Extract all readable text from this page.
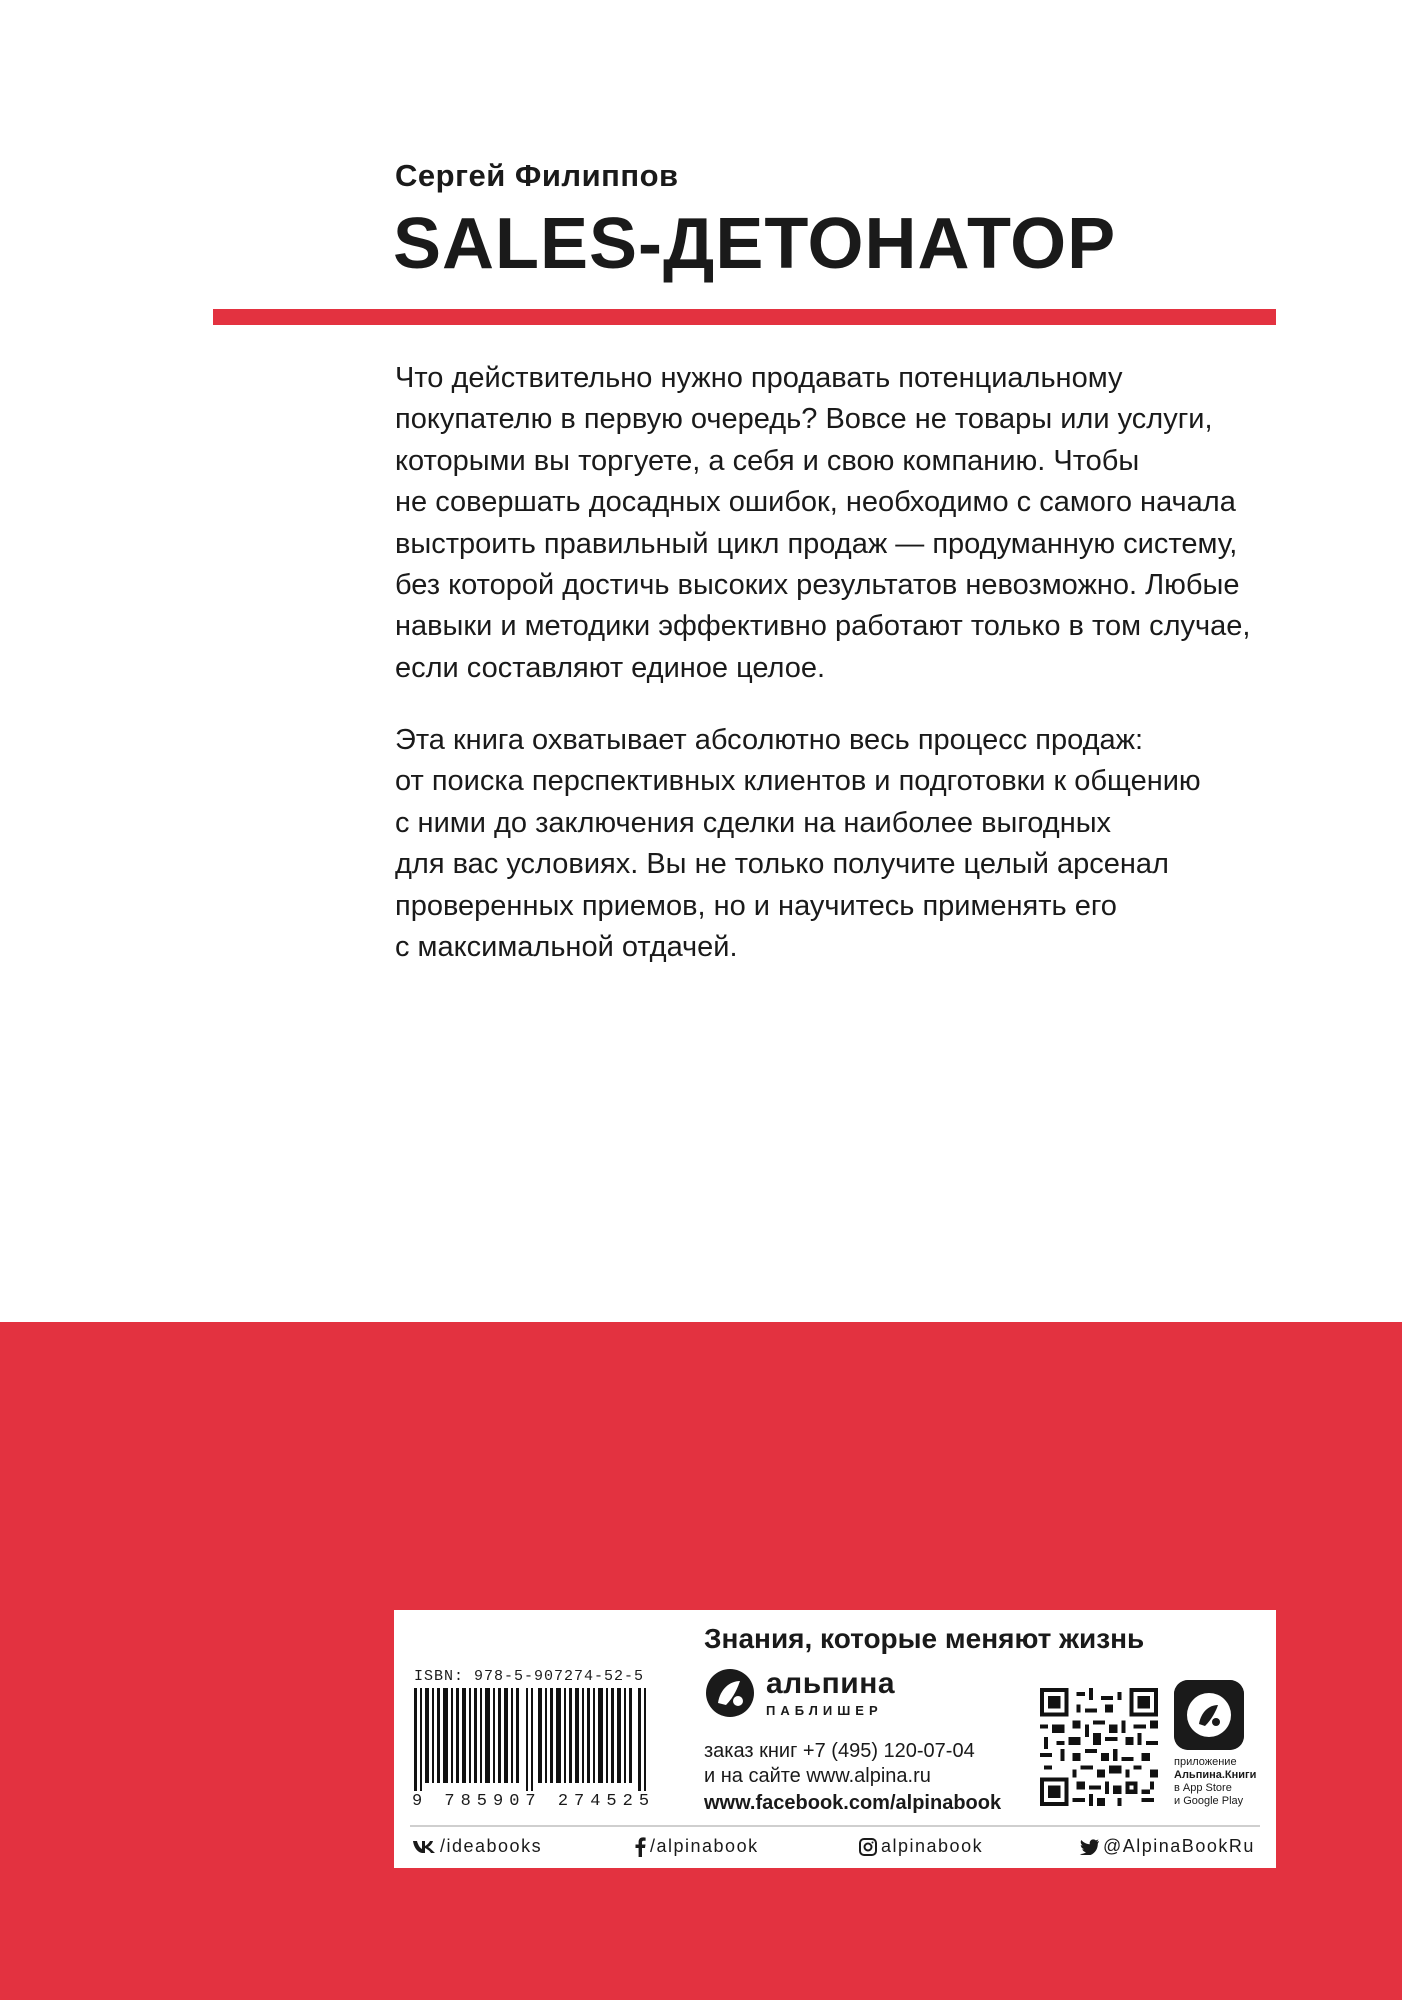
Сергей Филиппов
SALES-ДЕТОНАТОР

Что действительно нужно продавать потенциальному
покупателю в первую очередь? Вовсе не товары или услуги,
которыми вы торгуете, а себя и свою компанию. Чтобы
не совершать досадных ошибок, необходимо с самого начала
выстроить правильный цикл продаж — продуманную систему,
без которой достичь высоких результатов невозможно. Любые
навыки и методики эффективно работают только в том случае,
если составляют единое целое.

Эта книга охватывает абсолютно весь процесс продаж:
от поиска перспективных клиентов и подготовки к общению
с ними до заключения сделки на наиболее выгодных
для вас условиях. Вы не только получите целый арсенал
проверенных приемов, но и научитесь применять его
с максимальной отдачей.

Знания, которые меняют жизнь
ISBN: 978-5-907274-52-5
9 785907 274525
альпина
ПАБЛИШЕР
заказ книг +7 (495) 120-07-04
и на сайте www.alpina.ru
www.facebook.com/alpinabook
приложение
Альпина.Книги
в App Store
и Google Play
/ideabooks	/alpinabook	alpinabook	@AlpinaBookRu
